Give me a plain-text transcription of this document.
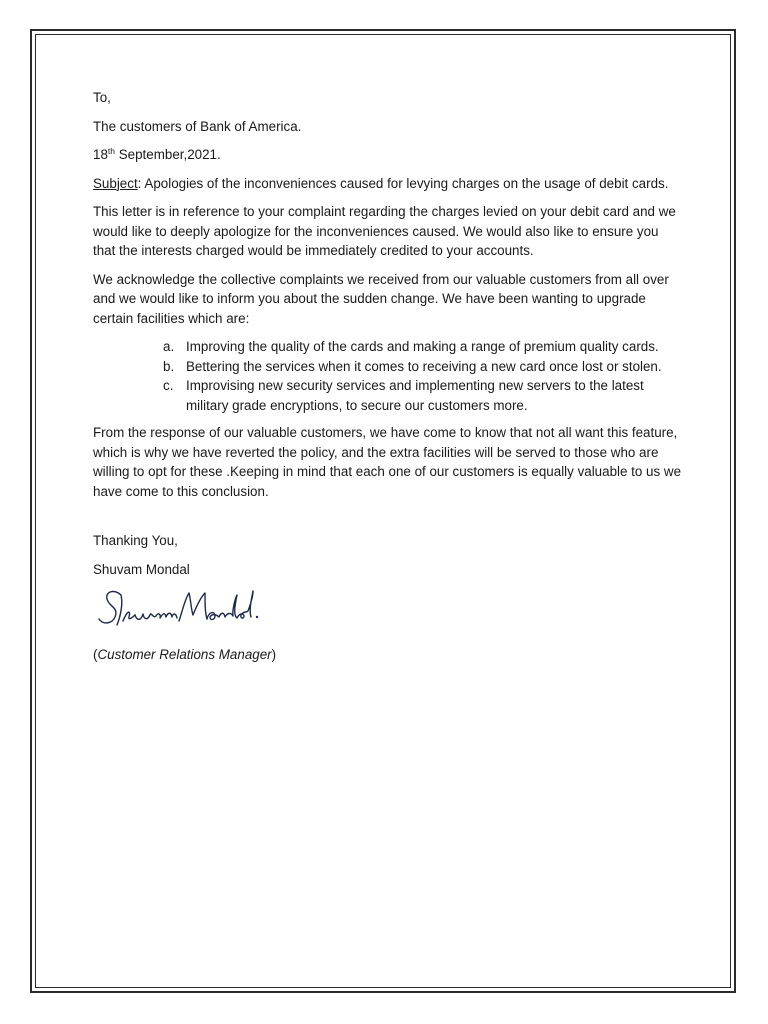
To,

The customers of Bank of America.

18th September,2021.

Subject: Apologies of the inconveniences caused for levying charges on the usage of debit cards.

This letter is in reference to your complaint regarding the charges levied on your debit card and we would like to deeply apologize for the inconveniences caused. We would also like to ensure you that the interests charged would be immediately credited to your accounts.

We acknowledge the collective complaints we received from our valuable customers from all over and we would like to inform you about the sudden change. We have been wanting to upgrade certain facilities which are:

a. Improving the quality of the cards and making a range of premium quality cards.
b. Bettering the services when it comes to receiving a new card once lost or stolen.
c. Improvising new security services and implementing new servers to the latest military grade encryptions, to secure our customers more.

From the response of our valuable customers, we have come to know that not all want this feature, which is why we have reverted the policy, and the extra facilities will be served to those who are willing to opt for these .Keeping in mind that each one of our customers is equally valuable to us we have come to this conclusion.

Thanking You,

Shuvam Mondal

Shuvam Mondal.

(Customer Relations Manager)
